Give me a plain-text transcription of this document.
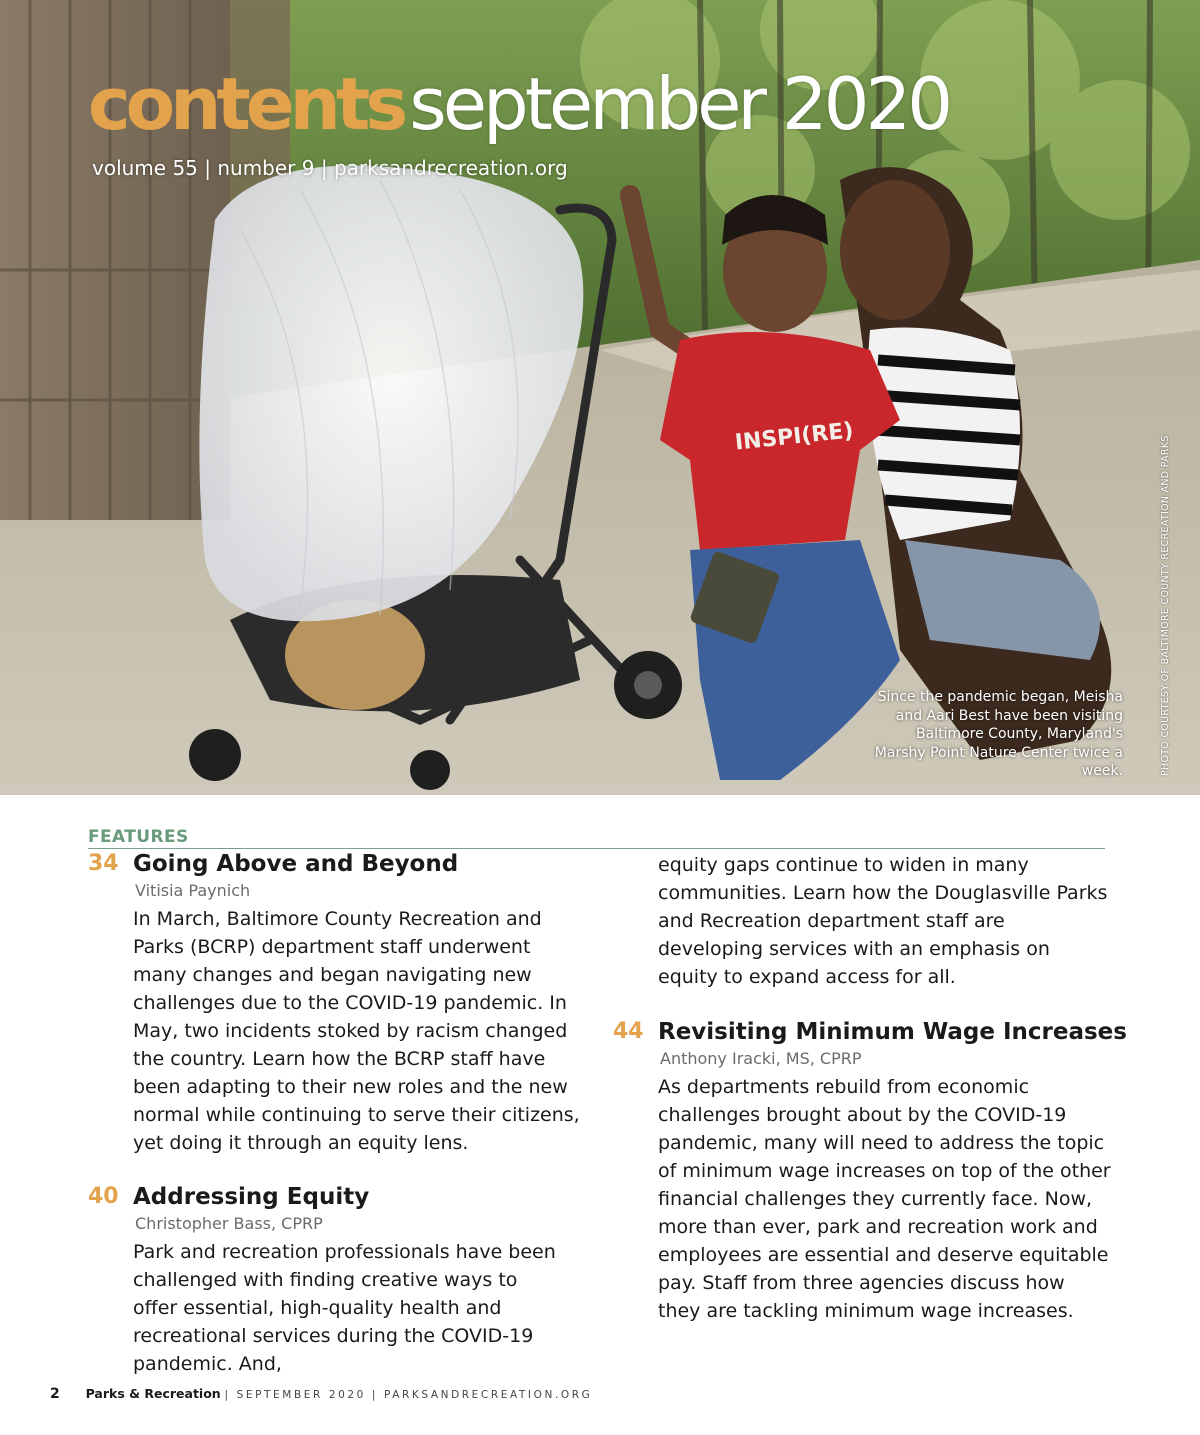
INSPI(RE)
contentsseptember 2020
volume 55 | number 9 | parksandrecreation.org
Since the pandemic began, Meisha and Aari Best have been visiting Baltimore County, Maryland's Marshy Point Nature Center twice a week.	PHOTO COURTESY OF BALTIMORE COUNTY RECREATION AND PARKS
FEATURES
34 Going Above and Beyond
Vitisia Paynich
In March, Baltimore County Recreation and Parks (BCRP) department staff underwent many changes and began navigating new challenges due to the COVID-19 pandemic. In May, two incidents stoked by racism changed the country. Learn how the BCRP staff have been adapting to their new roles and the new normal while continuing to serve their citizens, yet doing it through an equity lens.
40 Addressing Equity
Christopher Bass, CPRP
Park and recreation professionals have been challenged with finding creative ways to offer essential, high-quality health and recreational services during the COVID-19 pandemic. And,
equity gaps continue to widen in many communities. Learn how the Douglasville Parks and Recreation department staff are developing services with an emphasis on equity to expand access for all.
44 Revisiting Minimum Wage Increases
Anthony Iracki, MS, CPRP
As departments rebuild from economic challenges brought about by the COVID-19 pandemic, many will need to address the topic of minimum wage increases on top of the other financial challenges they currently face. Now, more than ever, park and recreation work and employees are essential and deserve equitable pay. Staff from three agencies discuss how they are tackling minimum wage increases.
2 Parks & Recreation | SEPTEMBER 2020 | PARKSANDRECREATION.ORG
